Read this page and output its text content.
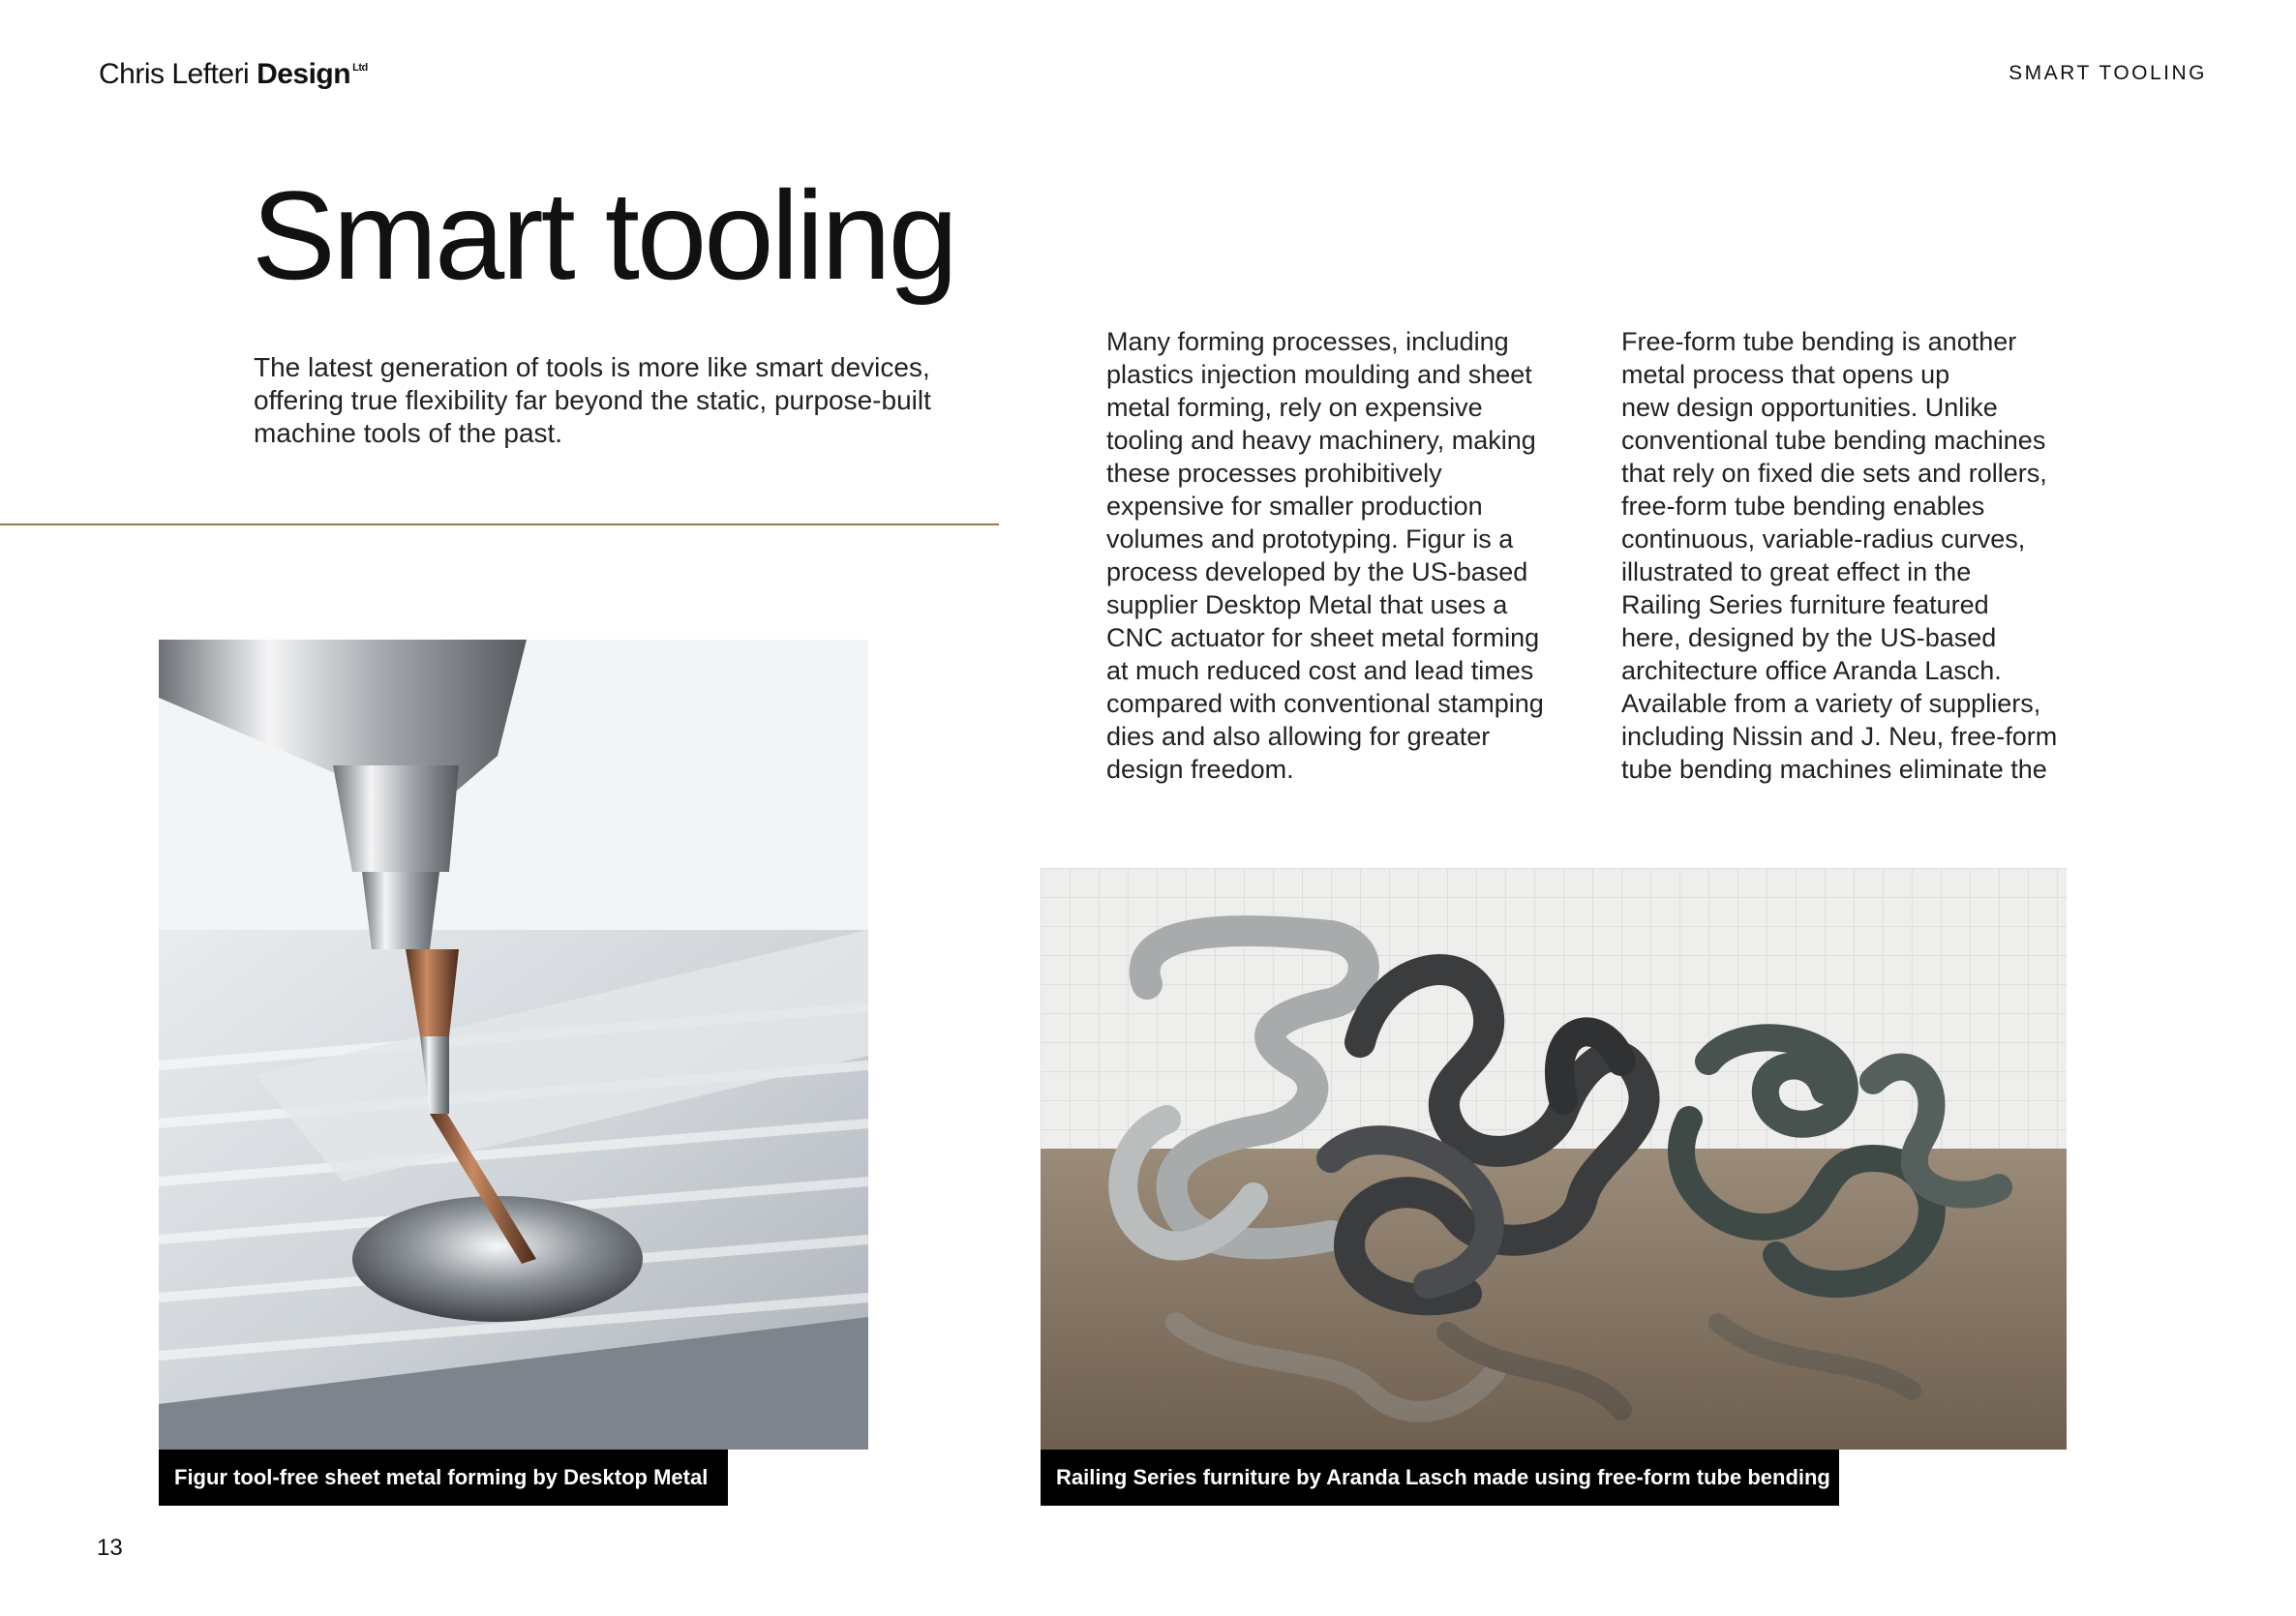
Chris Lefteri Design $^{Ltd}$	SMART TOOLING
Smart tooling

The latest generation of tools is more like smart devices, offering true flexibility far beyond the static, purpose-built machine tools of the past.

Many forming processes, including
plastics injection moulding and sheet
metal forming, rely on expensive
tooling and heavy machinery, making
these processes prohibitively
expensive for smaller production
volumes and prototyping. Figur is a
process developed by the US-based
supplier Desktop Metal that uses a
CNC actuator for sheet metal forming
at much reduced cost and lead times
compared with conventional stamping
dies and also allowing for greater
design freedom.

Free-form tube bending is another
metal process that opens up
new design opportunities. Unlike
conventional tube bending machines
that rely on fixed die sets and rollers,
free-form tube bending enables
continuous, variable-radius curves,
illustrated to great effect in the
Railing Series furniture featured
here, designed by the US-based
architecture office Aranda Lasch.
Available from a variety of suppliers,
including Nissin and J. Neu, free-form
tube bending machines eliminate the

Figur tool-free sheet metal forming by Desktop Metal	Railing Series furniture by Aranda Lasch made using free-form tube bending
13
